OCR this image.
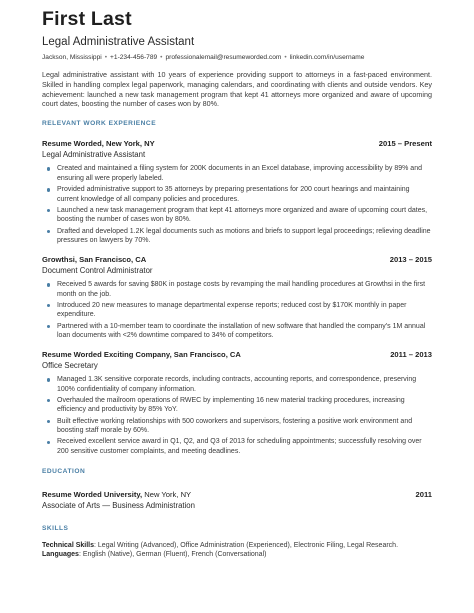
First Last
Legal Administrative Assistant
Jackson, Mississippi • +1-234-456-789 • professionalemail@resumeworded.com • linkedin.com/in/username

Legal administrative assistant with 10 years of experience providing support to attorneys in a fast-paced environment. Skilled in handling complex legal paperwork, managing calendars, and coordinating with clients and outside vendors. Key achievement: launched a new task management program that kept 41 attorneys more organized and aware of upcoming court dates, boosting the number of cases won by 80%.

RELEVANT WORK EXPERIENCE
Resume Worded, New York, NY	2015 – Present
Legal Administrative Assistant
Created and maintained a filing system for 200K documents in an Excel database, improving accessibility by 89% and ensuring all were properly labeled.
Provided administrative support to 35 attorneys by preparing presentations for 200 court hearings and maintaining current knowledge of all company policies and procedures.
Launched a new task management program that kept 41 attorneys more organized and aware of upcoming court dates, boosting the number of cases won by 80%.
Drafted and developed 1.2K legal documents such as motions and briefs to support legal proceedings; relieving deadline pressures on lawyers by 70%.
Growthsi, San Francisco, CA	2013 – 2015
Document Control Administrator
Received 5 awards for saving $80K in postage costs by revamping the mail handling procedures at Growthsi in the first month on the job.
Introduced 20 new measures to manage departmental expense reports; reduced cost by $170K monthly in paper expenditure.
Partnered with a 10-member team to coordinate the installation of new software that handled the company's 1M annual loan documents with <2% downtime compared to 34% of competitors.
Resume Worded Exciting Company, San Francisco, CA	2011 – 2013
Office Secretary
Managed 1.3K sensitive corporate records, including contracts, accounting reports, and correspondence, preserving 100% confidentiality of company information.
Overhauled the mailroom operations of RWEC by implementing 16 new material tracking procedures, increasing efficiency and productivity by 85% YoY.
Built effective working relationships with 500 coworkers and supervisors, fostering a positive work environment and boosting staff morale by 60%.
Received excellent service award in Q1, Q2, and Q3 of 2013 for scheduling appointments; successfully resolving over 200 sensitive customer complaints, and meeting deadlines.
EDUCATION
Resume Worded University, New York, NY	2011
Associate of Arts — Business Administration
SKILLS
Technical Skills: Legal Writing (Advanced), Office Administration (Experienced), Electronic Filing, Legal Research.
Languages: English (Native), German (Fluent), French (Conversational)
